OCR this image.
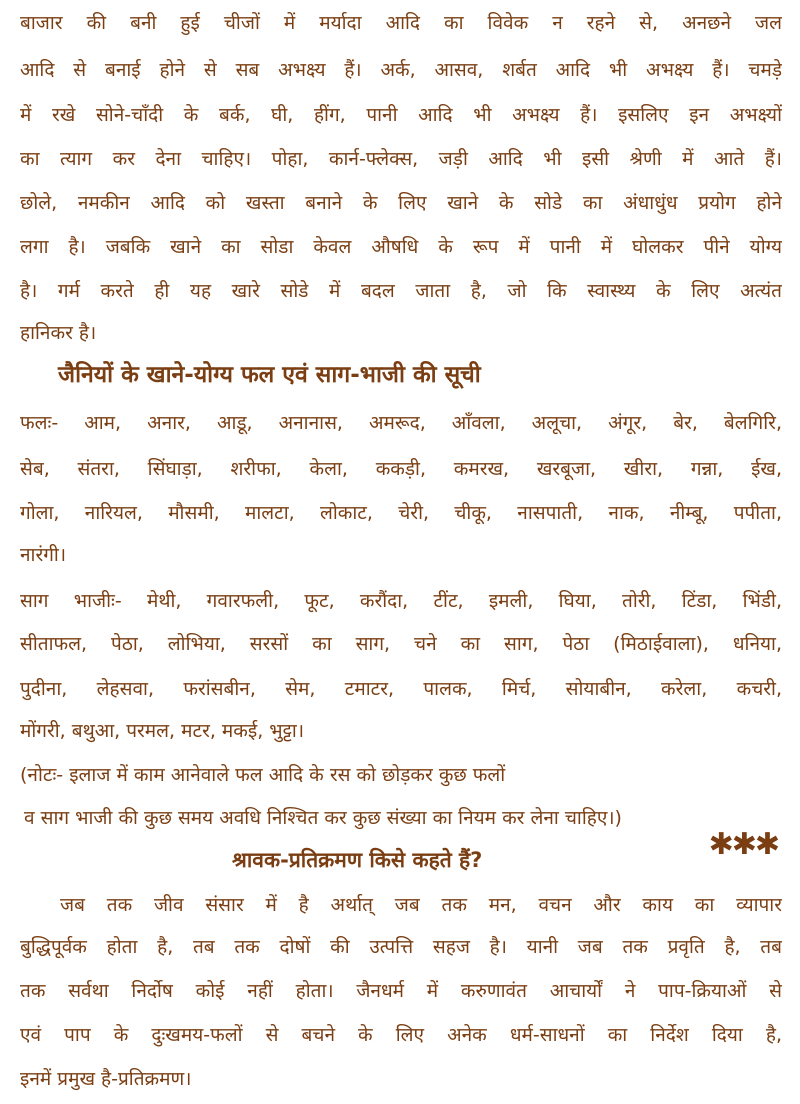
बाजार की बनी हुई चीजों में मर्यादा आदि का विवेक न रहने से, अनछने जल
आदि से बनाई होने से सब अभक्ष्य हैं। अर्क, आसव, शर्बत आदि भी अभक्ष्य हैं। चमड़े
में रखे सोने-चाँदी के बर्क, घी, हींग, पानी आदि भी अभक्ष्य हैं। इसलिए इन अभक्ष्यों
का त्याग कर देना चाहिए। पोहा, कार्न-फ्लेक्स, जड़ी आदि भी इसी श्रेणी में आते हैं।
छोले, नमकीन आदि को खस्ता बनाने के लिए खाने के सोडे का अंधाधुंध प्रयोग होने
लगा है। जबकि खाने का सोडा केवल औषधि के रूप में पानी में घोलकर पीने योग्य
है। गर्म करते ही यह खारे सोडे में बदल जाता है, जो कि स्वास्थ्य के लिए अत्यंत
हानिकर है।
जैनियों के खाने-योग्य फल एवं साग-भाजी की सूची
फलः- आम, अनार, आडू, अनानास, अमरूद, आँवला, अलूचा, अंगूर, बेर, बेलगिरि,
सेब, संतरा, सिंघाड़ा, शरीफा, केला, ककड़ी, कमरख, खरबूजा, खीरा, गन्ना, ईख,
गोला, नारियल, मौसमी, मालटा, लोकाट, चेरी, चीकू, नासपाती, नाक, नीम्बू, पपीता,
नारंगी।
साग भाजीः- मेथी, गवारफली, फूट, करौंदा, टींट, इमली, घिया, तोरी, टिंडा, भिंडी,
सीताफल, पेठा, लोभिया, सरसों का साग, चने का साग, पेठा (मिठाईवाला), धनिया,
पुदीना, लेहसवा, फरांसबीन, सेम, टमाटर, पालक, मिर्च, सोयाबीन, करेला, कचरी,
मोंगरी, बथुआ, परमल, मटर, मकई, भुट्टा।
(नोटः- इलाज में काम आनेवाले फल आदि के रस को छोड़कर कुछ फलों
व साग भाजी की कुछ समय अवधि निश्चित कर कुछ संख्या का नियम कर लेना चाहिए।)
श्रावक-प्रतिक्रमण किसे कहते हैं?	✱✱✱
जब तक जीव संसार में है अर्थात् जब तक मन, वचन और काय का व्यापार
बुद्धिपूर्वक होता है, तब तक दोषों की उत्पत्ति सहज है। यानी जब तक प्रवृति है, तब
तक सर्वथा निर्दोष कोई नहीं होता। जैनधर्म में करुणावंत आचार्यों ने पाप-क्रियाओं से
एवं पाप के दुःखमय-फलों से बचने के लिए अनेक धर्म-साधनों का निर्देश दिया है,
इनमें प्रमुख है-प्रतिक्रमण।
